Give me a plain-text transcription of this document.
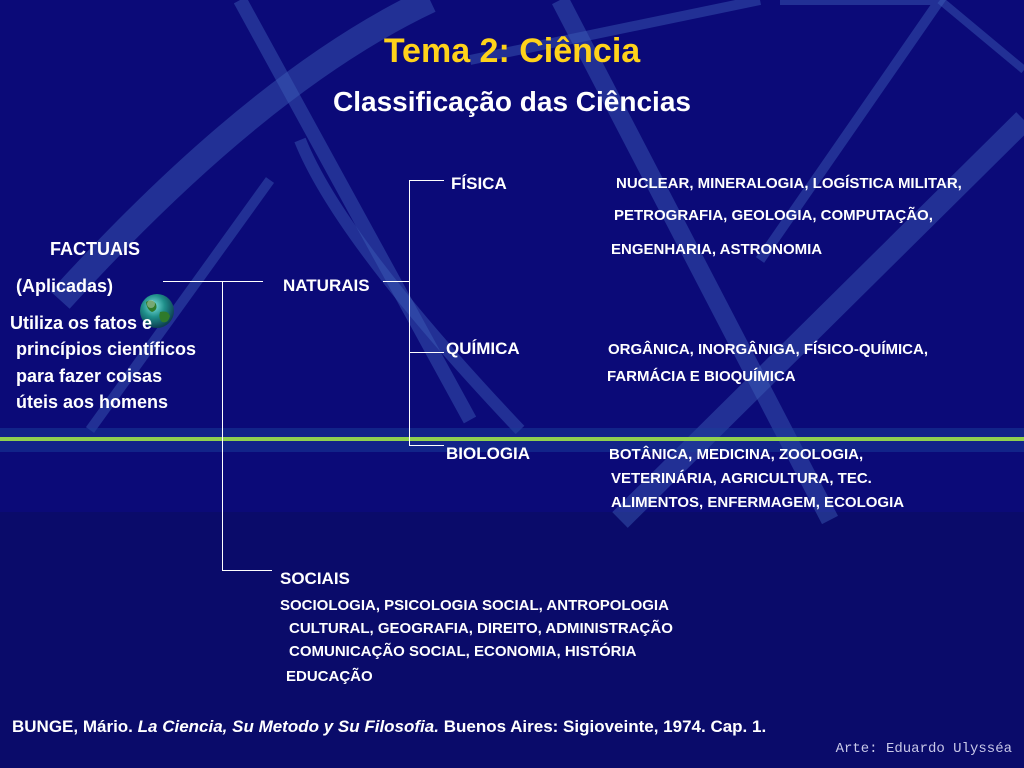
Tema 2: Ciência
Classificação das Ciências
FACTUAIS
(Aplicadas)
Utiliza os fatos e
princípios científicos
para fazer coisas
úteis aos homens
NATURAIS
FÍSICA	NUCLEAR, MINERALOGIA, LOGÍSTICA MILITAR,
PETROGRAFIA, GEOLOGIA, COMPUTAÇÃO,
ENGENHARIA, ASTRONOMIA
QUÍMICA	ORGÂNICA, INORGÂNIGA, FÍSICO-QUÍMICA,
FARMÁCIA E BIOQUÍMICA
BIOLOGIA	BOTÂNICA, MEDICINA, ZOOLOGIA,
VETERINÁRIA, AGRICULTURA, TEC.
ALIMENTOS, ENFERMAGEM, ECOLOGIA
SOCIAIS
SOCIOLOGIA, PSICOLOGIA SOCIAL, ANTROPOLOGIA
CULTURAL, GEOGRAFIA, DIREITO, ADMINISTRAÇÃO
COMUNICAÇÃO SOCIAL, ECONOMIA, HISTÓRIA
EDUCAÇÃO
BUNGE, Mário. La Ciencia, Su Metodo y Su Filosofia. Buenos Aires: Sigioveinte, 1974. Cap. 1.
Arte: Eduardo Ulysséa
